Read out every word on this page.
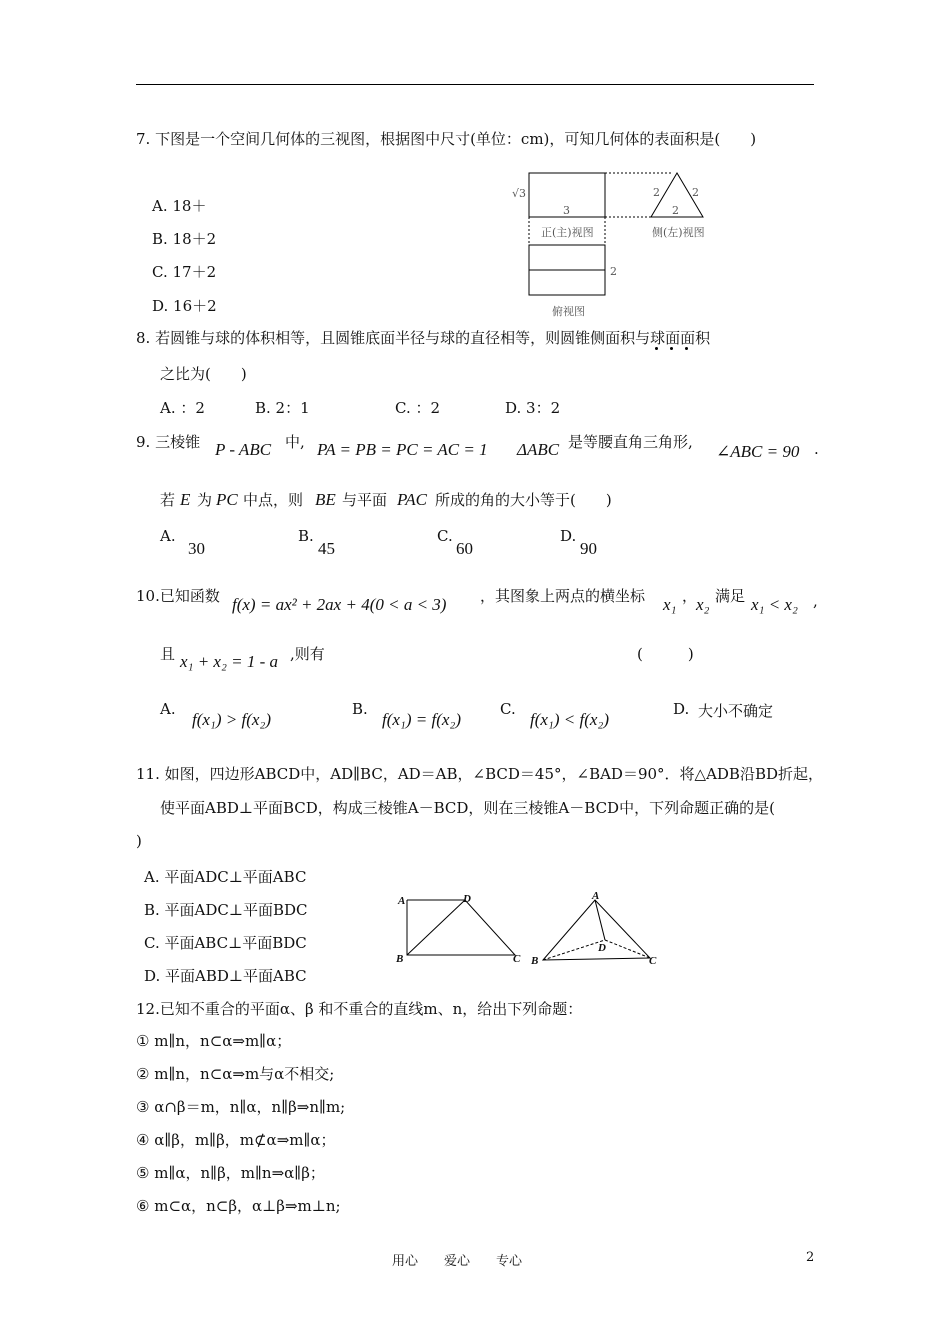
7. 下图是一个空间几何体的三视图，根据图中尺寸(单位：cm)，可知几何体的表面积是(　　)
A. 18＋
B. 18＋2
C. 17＋2
D. 16＋2
√3
3
正(主)视图
2	2
2
侧(左)视图
2
俯视图
8. 若圆锥与球的体积相等，且圆锥底面半径与球的直径相等，则圆锥侧面积与球面面积
之比为(　　)
A. ：2	B. 2：1	C. ：2	D. 3：2
9. 三棱锥 P - ABC 中, PA = PB = PC = AC = 1 ΔABC 是等腰直角三角形, ∠ABC = 90 .
若 E 为 PC 中点，则 BE 与平面 PAC 所成的角的大小等于(　　)
A.
30
B.
45
C.
60
D.
90
10.已知函数 f(x) = ax² + 2ax + 4(0 < a < 3) ，其图象上两点的横坐标 x₁ ，
x₂ 满足 x₁ < x₂ ,
且 x₁ + x₂ = 1 - a ,则有	(　　　)
A.
f(x₁) > f(x₂)
B.
f(x₁) = f(x₂)
C.
f(x₁) < f(x₂)
D. 大小不确定
11. 如图，四边形ABCD中，AD∥BC，AD＝AB，∠BCD＝45°，∠BAD＝90°．将△ADB沿BD折起，
使平面ABD⊥平面BCD，构成三棱锥A－BCD，则在三棱锥A－BCD中，下列命题正确的是(
)
A. 平面ADC⊥平面ABC
B. 平面ADC⊥平面BDC
C. 平面ABC⊥平面BDC
D. 平面ABD⊥平面ABC
A	D
B	C
A
D
B	C
12.已知不重合的平面α、β 和不重合的直线m、n，给出下列命题：
① m∥n，n⊂α⇒m∥α；
② m∥n，n⊂α⇒m与α不相交;
③ α∩β＝m，n∥α，n∥β⇒n∥m;
④ α∥β，m∥β，m⊄α⇒m∥α；
⑤ m∥α，n∥β，m∥n⇒α∥β；
⑥ m⊂α，n⊂β，α⊥β⇒m⊥n;
用心　　爱心　　专心	2
